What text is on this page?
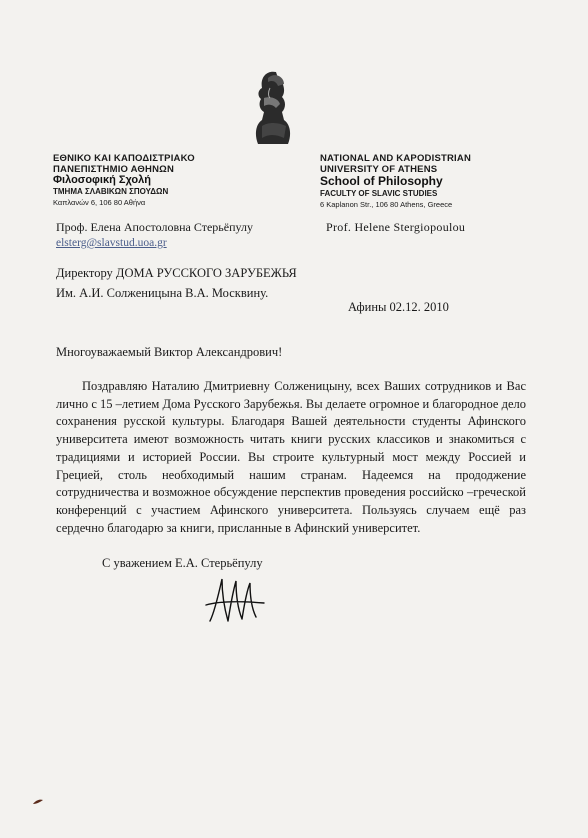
ΕΘΝΙΚΟ ΚΑΙ ΚΑΠΟΔΙΣΤΡΙΑΚΟ
ΠΑΝΕΠΙΣΤΗΜΙΟ ΑΘΗΝΩΝ
Φιλοσοφική Σχολή
ΤΜΗΜΑ ΣΛΑΒΙΚΩΝ ΣΠΟΥΔΩΝ
Καπλανών 6, 106 80 Αθήνα
NATIONAL AND KAPODISTRIAN
UNIVERSITY OF ATHENS
School of Philosophy
FACULTY OF SLAVIC STUDIES
6 Kaplanon Str., 106 80 Athens, Greece
Проф. Елена Апостоловна Стерьёпулу
elsterg@slavstud.uoa.gr
Prof. Helene Stergiopoulou
Директору ДОМА РУССКОГО ЗАРУБЕЖЬЯ
Им. А.И. Солженицына В.А. Москвину.
Афины 02.12. 2010
Многоуважаемый Виктор Александрович!
Поздравляю Наталию Дмитриевну Солженицыну, всех Ваших сотрудников и Вас лично с 15 –летием Дома Русского Зарубежья. Вы делаете огромное и благородное дело сохранения русской культуры. Благодаря Вашей деятельности студенты Афинского университета имеют возможность читать книги русских классиков и знакомиться с традициями и историей России. Вы строите культурный мост между Россией и Грецией, столь необходимый нашим странам. Надеемся на прододжение сотрудничества и возможное обсуждение перспектив проведения российско –греческой конференций с участием Афинского университета. Пользуясь случаем ещё раз сердечно благодарю за книги, присланные в Афинский университет.
С уважением Е.А. Стерьёпулу
